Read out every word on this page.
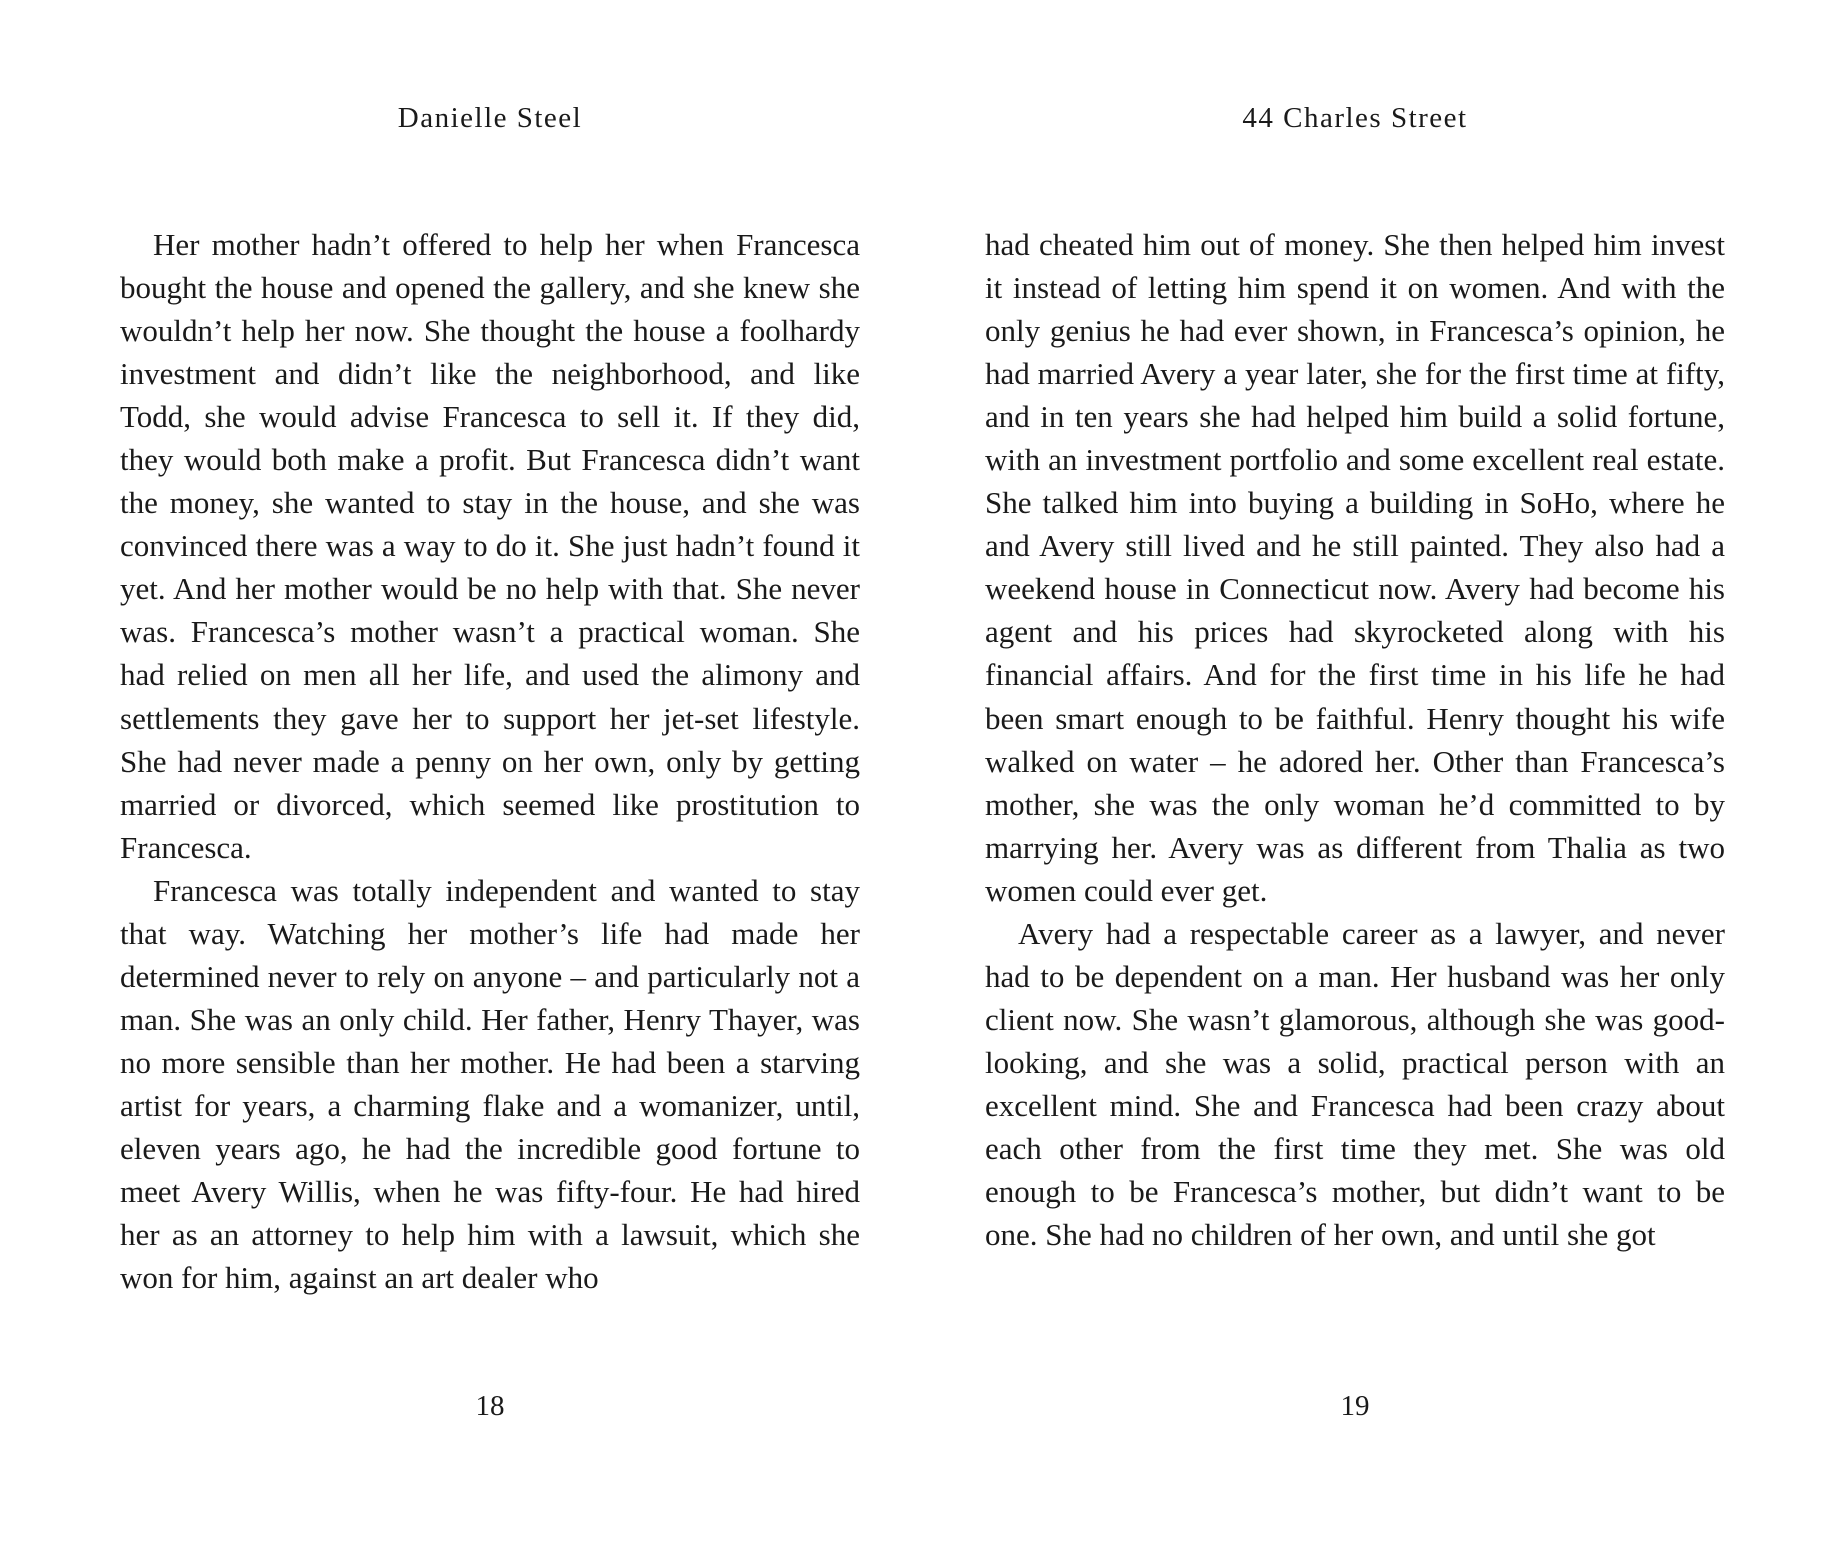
Danielle Steel

Her mother hadn’t offered to help her when Francesca bought the house and opened the gallery, and she knew she wouldn’t help her now. She thought the house a foolhardy investment and didn’t like the neighborhood, and like Todd, she would advise Francesca to sell it. If they did, they would both make a profit. But Francesca didn’t want the money, she wanted to stay in the house, and she was convinced there was a way to do it. She just hadn’t found it yet. And her mother would be no help with that. She never was. Francesca’s mother wasn’t a practical woman. She had relied on men all her life, and used the alimony and settlements they gave her to support her jet-set lifestyle. She had never made a penny on her own, only by getting married or divorced, which seemed like prostitution to Francesca.

Francesca was totally independent and wanted to stay that way. Watching her mother’s life had made her determined never to rely on anyone – and particularly not a man. She was an only child. Her father, Henry Thayer, was no more sensible than her mother. He had been a starving artist for years, a charming flake and a womanizer, until, eleven years ago, he had the incredible good fortune to meet Avery Willis, when he was fifty-four. He had hired her as an attorney to help him with a lawsuit, which she won for him, against an art dealer who

18
44 Charles Street

had cheated him out of money. She then helped him invest it instead of letting him spend it on women. And with the only genius he had ever shown, in Francesca’s opinion, he had married Avery a year later, she for the first time at fifty, and in ten years she had helped him build a solid fortune, with an investment portfolio and some excellent real estate. She talked him into buying a building in SoHo, where he and Avery still lived and he still painted. They also had a weekend house in Connecticut now. Avery had become his agent and his prices had skyrocketed along with his financial affairs. And for the first time in his life he had been smart enough to be faithful. Henry thought his wife walked on water – he adored her. Other than Francesca’s mother, she was the only woman he’d committed to by marrying her. Avery was as different from Thalia as two women could ever get.

Avery had a respectable career as a lawyer, and never had to be dependent on a man. Her husband was her only client now. She wasn’t glamorous, although she was good-looking, and she was a solid, practical person with an excellent mind. She and Francesca had been crazy about each other from the first time they met. She was old enough to be Francesca’s mother, but didn’t want to be one. She had no children of her own, and until she got

19
